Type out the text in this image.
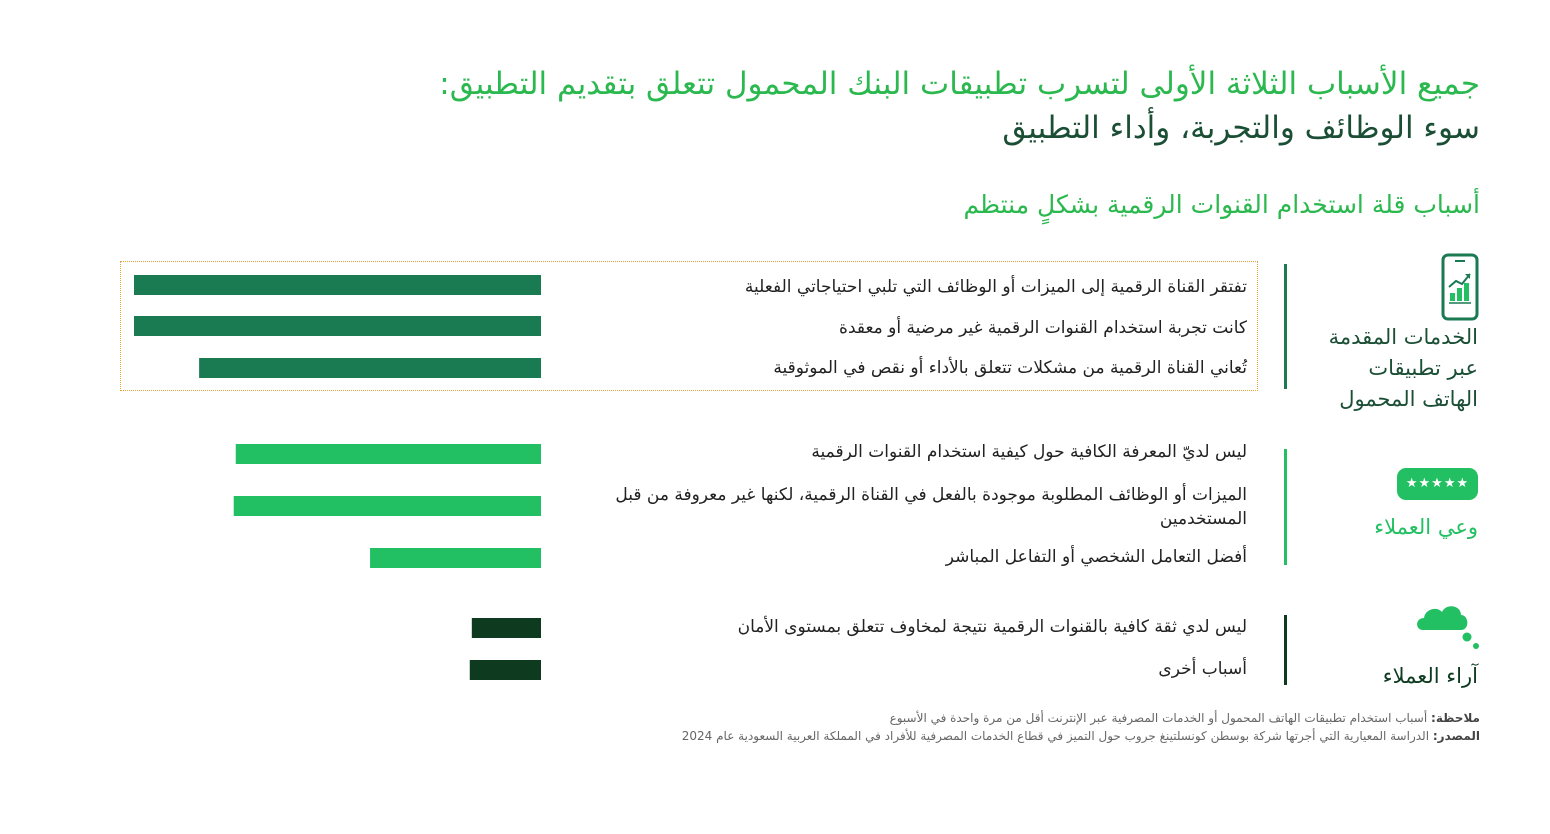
جميع الأسباب الثلاثة الأولى لتسرب تطبيقات البنك المحمول تتعلق بتقديم التطبيق:
سوء الوظائف والتجربة، وأداء التطبيق
أسباب قلة استخدام القنوات الرقمية بشكلٍ منتظم
تفتقر القناة الرقمية إلى الميزات أو الوظائف التي تلبي احتياجاتي الفعلية
كانت تجربة استخدام القنوات الرقمية غير مرضية أو معقدة
تُعاني القناة الرقمية من مشكلات تتعلق بالأداء أو نقص في الموثوقية
ليس لديّ المعرفة الكافية حول كيفية استخدام القنوات الرقمية
الميزات أو الوظائف المطلوبة موجودة بالفعل في القناة الرقمية، لكنها غير معروفة من قبل المستخدمين
أفضل التعامل الشخصي أو التفاعل المباشر
ليس لدي ثقة كافية بالقنوات الرقمية نتيجة لمخاوف تتعلق بمستوى الأمان
أسباب أخرى
الخدمات المقدمة
عبر تطبيقات
الهاتف المحمول
★★★★★
وعي العملاء
آراء العملاء
ملاحظة: أسباب استخدام تطبيقات الهاتف المحمول أو الخدمات المصرفية عبر الإنترنت أقل من مرة واحدة في الأسبوع
المصدر: الدراسة المعيارية التي أجرتها شركة بوسطن كونسلتينغ جروب حول التميز في قطاع الخدمات المصرفية للأفراد في المملكة العربية السعودية عام 2024
